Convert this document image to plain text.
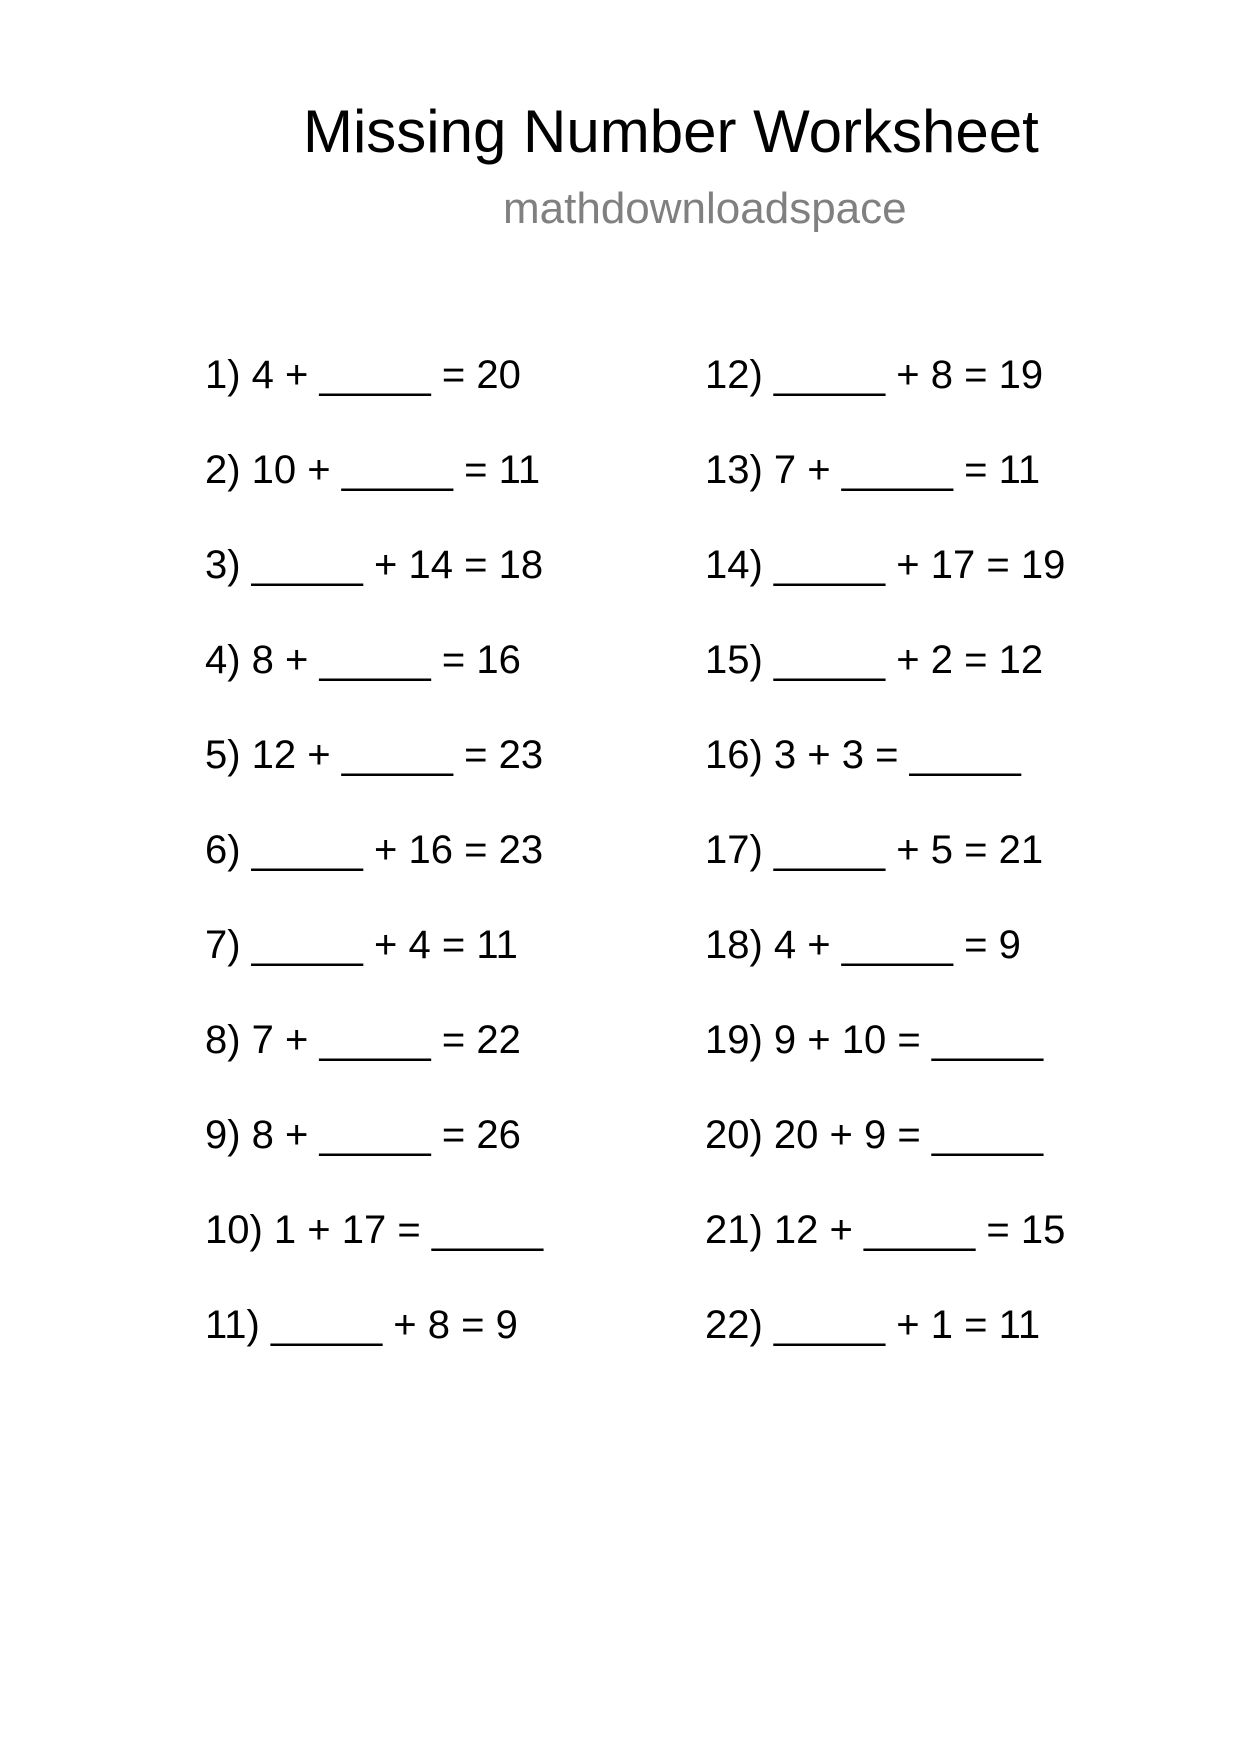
Missing Number Worksheet
mathdownloadspace
1) 4 + _____ = 20
2) 10 + _____ = 11
3) _____ + 14 = 18
4) 8 + _____ = 16
5) 12 + _____ = 23
6) _____ + 16 = 23
7) _____ + 4 = 11
8) 7 + _____ = 22
9) 8 + _____ = 26
10) 1 + 17 = _____
11) _____ + 8 = 9
12) _____ + 8 = 19
13) 7 + _____ = 11
14) _____ + 17 = 19
15) _____ + 2 = 12
16) 3 + 3 = _____
17) _____ + 5 = 21
18) 4 + _____ = 9
19) 9 + 10 = _____
20) 20 + 9 = _____
21) 12 + _____ = 15
22) _____ + 1 = 11
